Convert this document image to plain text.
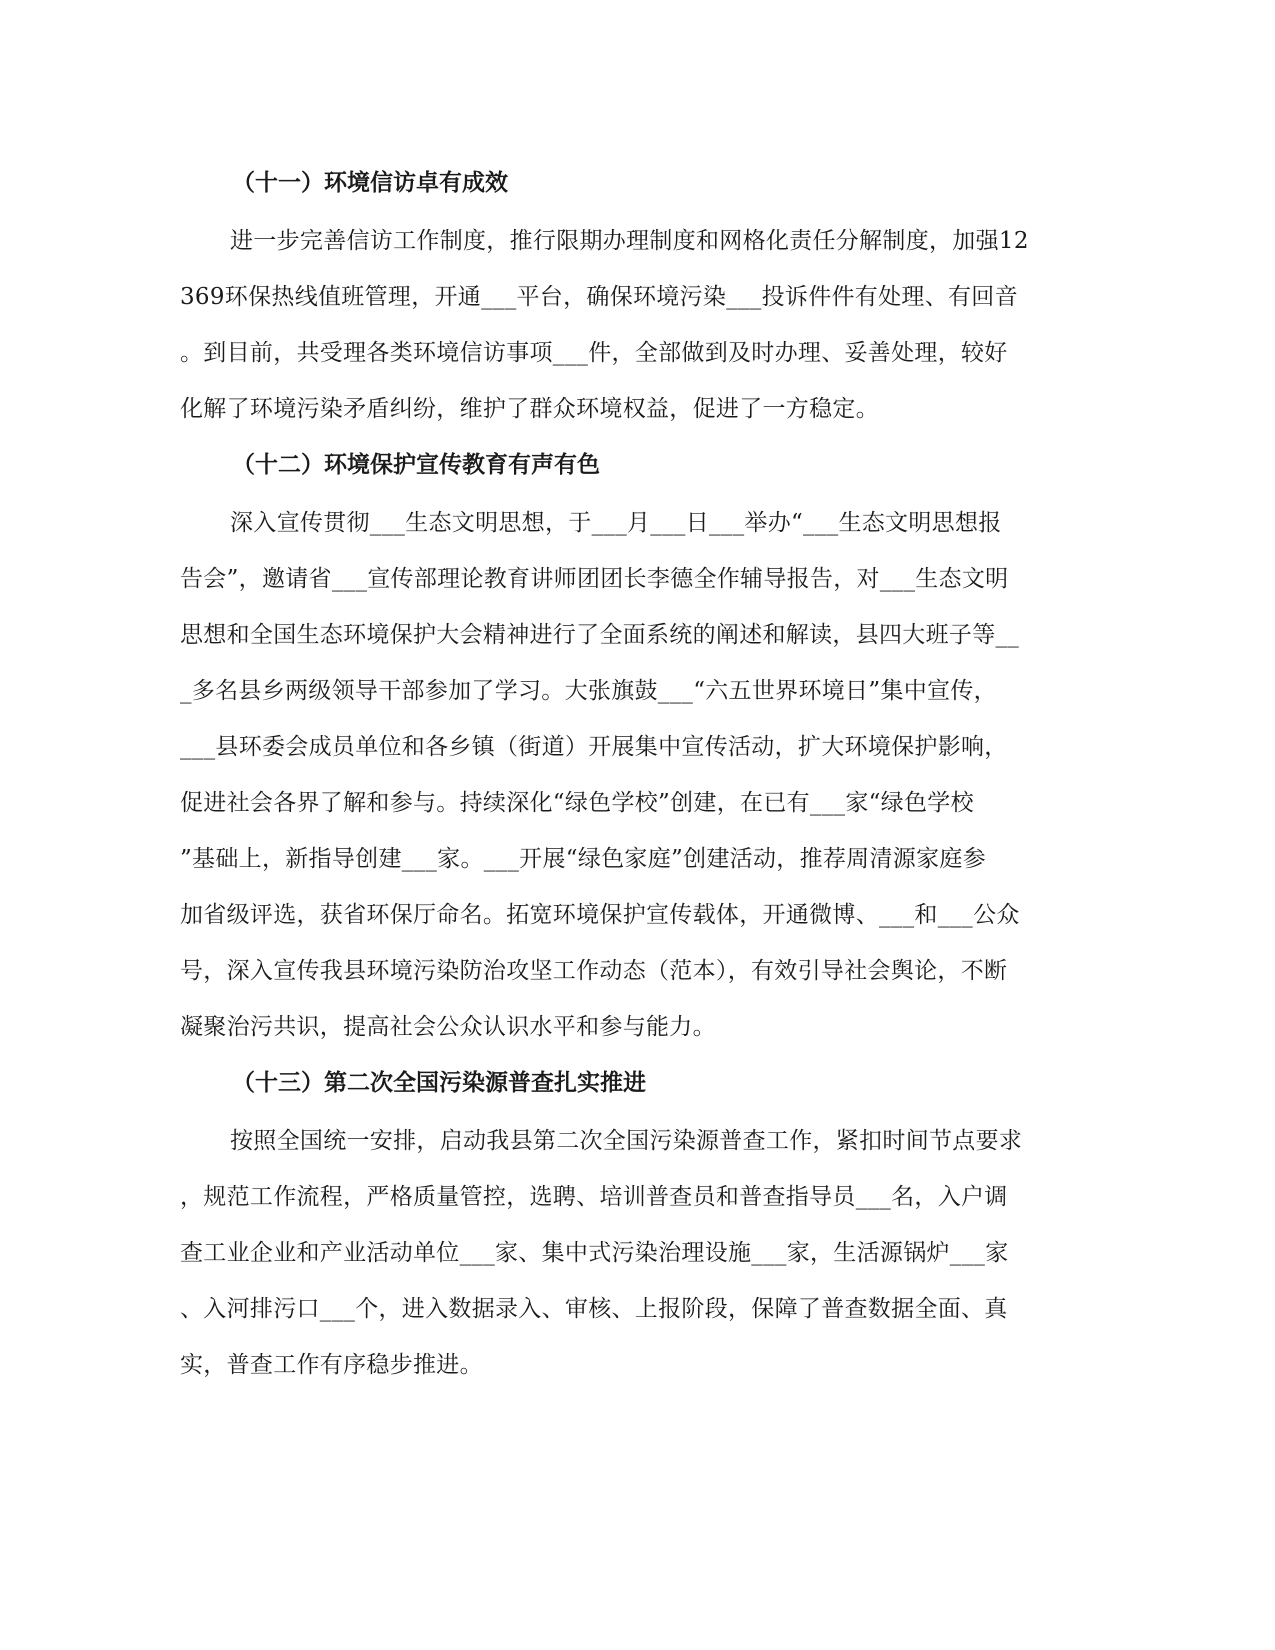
（十一）环境信访卓有成效
进一步完善信访工作制度，推行限期办理制度和网格化责任分解制度，加强12
369环保热线值班管理，开通___平台，确保环境污染___投诉件件有处理、有回音
。到目前，共受理各类环境信访事项___件，全部做到及时办理、妥善处理，较好
化解了环境污染矛盾纠纷，维护了群众环境权益，促进了一方稳定。
（十二）环境保护宣传教育有声有色
深入宣传贯彻___生态文明思想，于___月___日___举办“___生态文明思想报
告会”，邀请省___宣传部理论教育讲师团团长李德全作辅导报告，对___生态文明
思想和全国生态环境保护大会精神进行了全面系统的阐述和解读，县四大班子等__
_多名县乡两级领导干部参加了学习。大张旗鼓___“六五世界环境日”集中宣传，
___县环委会成员单位和各乡镇（街道）开展集中宣传活动，扩大环境保护影响，
促进社会各界了解和参与。持续深化“绿色学校”创建，在已有___家“绿色学校
”基础上，新指导创建___家。___开展“绿色家庭”创建活动，推荐周清源家庭参
加省级评选，获省环保厅命名。拓宽环境保护宣传载体，开通微博、___和___公众
号，深入宣传我县环境污染防治攻坚工作动态（范本），有效引导社会舆论，不断
凝聚治污共识，提高社会公众认识水平和参与能力。
（十三）第二次全国污染源普查扎实推进
按照全国统一安排，启动我县第二次全国污染源普查工作，紧扣时间节点要求
，规范工作流程，严格质量管控，选聘、培训普查员和普查指导员___名，入户调
查工业企业和产业活动单位___家、集中式污染治理设施___家，生活源锅炉___家
、入河排污口___个，进入数据录入、审核、上报阶段，保障了普查数据全面、真
实，普查工作有序稳步推进。
